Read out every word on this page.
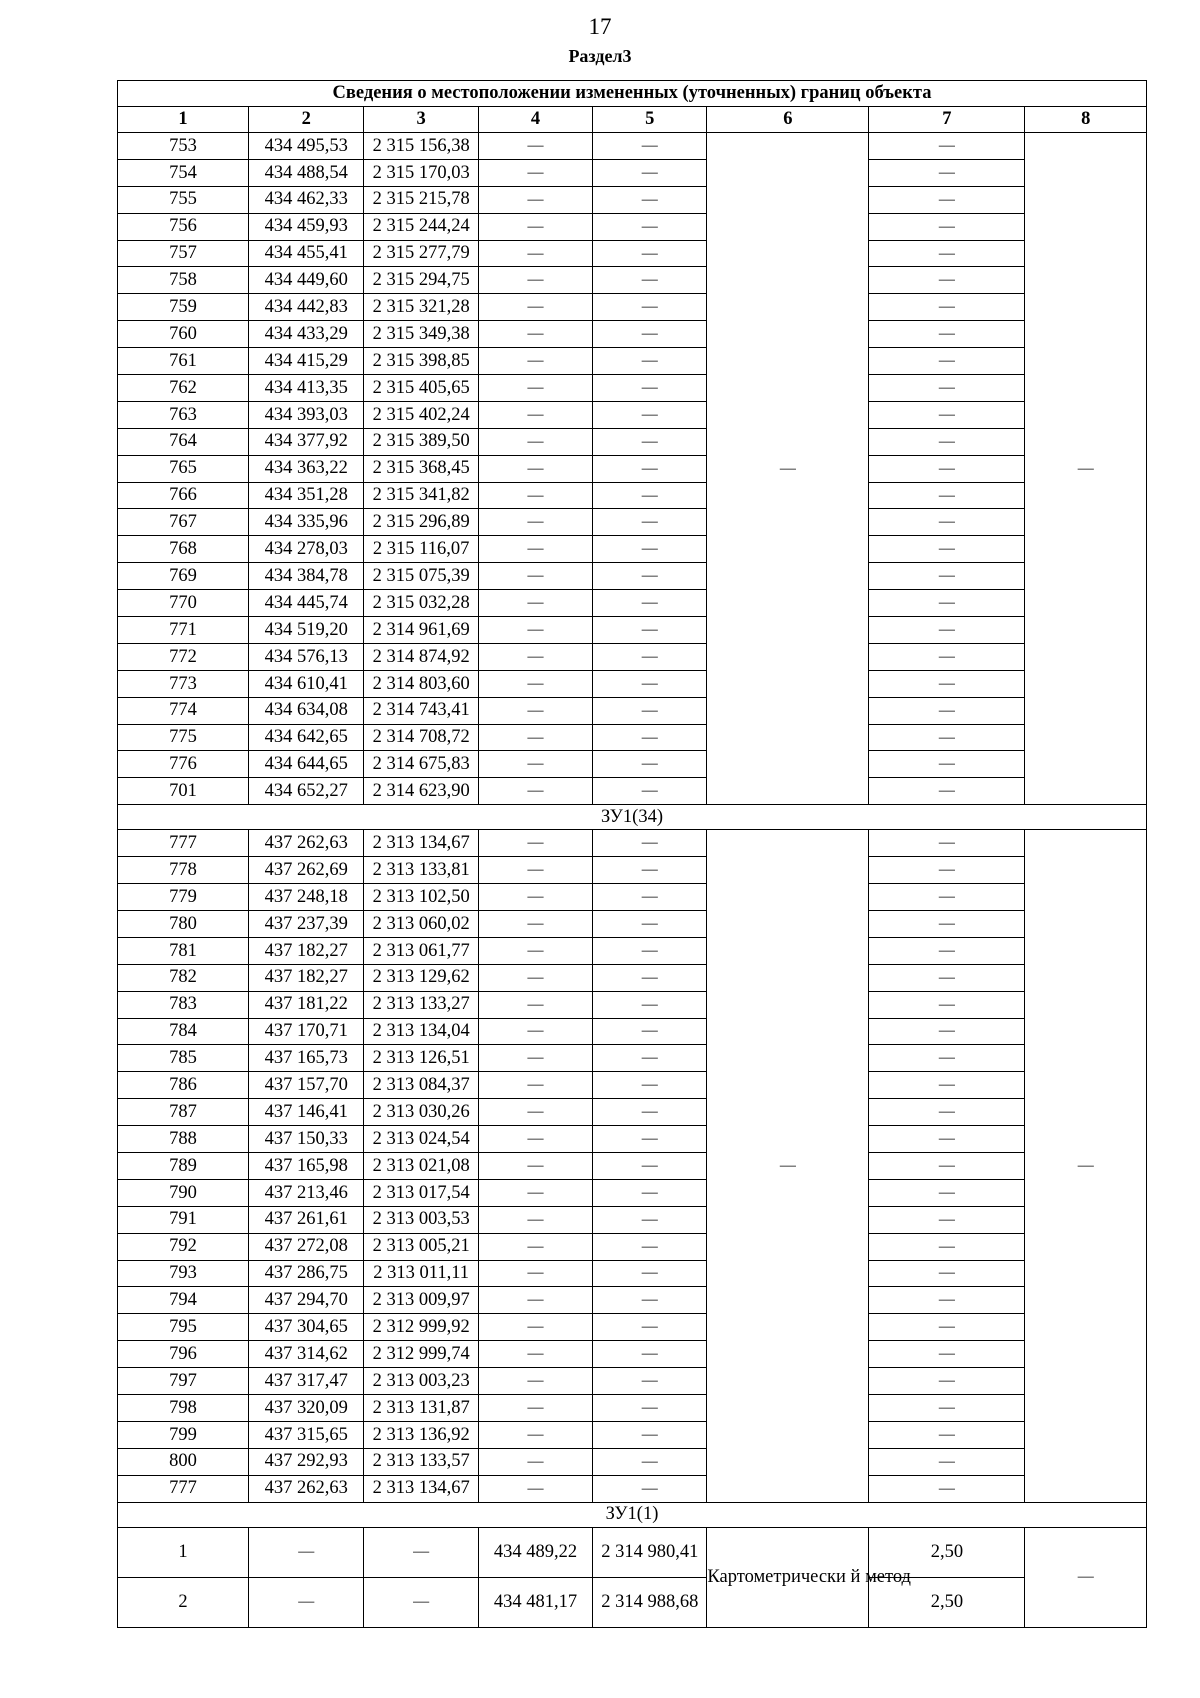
17
Раздел3
Сведения о местоположении измененных (уточненных) границ объекта							
1	2	3	4	5	6	7	8
753	434 495,53	2 315 156,38	—	—	—	—	—
754	434 488,54	2 315 170,03	—	—		—	
755	434 462,33	2 315 215,78	—	—		—	
756	434 459,93	2 315 244,24	—	—		—	
757	434 455,41	2 315 277,79	—	—		—	
758	434 449,60	2 315 294,75	—	—		—	
759	434 442,83	2 315 321,28	—	—		—	
760	434 433,29	2 315 349,38	—	—		—	
761	434 415,29	2 315 398,85	—	—		—	
762	434 413,35	2 315 405,65	—	—		—	
763	434 393,03	2 315 402,24	—	—		—	
764	434 377,92	2 315 389,50	—	—		—	
765	434 363,22	2 315 368,45	—	—		—	
766	434 351,28	2 315 341,82	—	—		—	
767	434 335,96	2 315 296,89	—	—		—	
768	434 278,03	2 315 116,07	—	—		—	
769	434 384,78	2 315 075,39	—	—		—	
770	434 445,74	2 315 032,28	—	—		—	
771	434 519,20	2 314 961,69	—	—		—	
772	434 576,13	2 314 874,92	—	—		—	
773	434 610,41	2 314 803,60	—	—		—	
774	434 634,08	2 314 743,41	—	—		—	
775	434 642,65	2 314 708,72	—	—		—	
776	434 644,65	2 314 675,83	—	—		—	
701	434 652,27	2 314 623,90	—	—		—	
ЗУ1(34)							
777	437 262,63	2 313 134,67	—	—	—	—	—
778	437 262,69	2 313 133,81	—	—		—	
779	437 248,18	2 313 102,50	—	—		—	
780	437 237,39	2 313 060,02	—	—		—	
781	437 182,27	2 313 061,77	—	—		—	
782	437 182,27	2 313 129,62	—	—		—	
783	437 181,22	2 313 133,27	—	—		—	
784	437 170,71	2 313 134,04	—	—		—	
785	437 165,73	2 313 126,51	—	—		—	
786	437 157,70	2 313 084,37	—	—		—	
787	437 146,41	2 313 030,26	—	—		—	
788	437 150,33	2 313 024,54	—	—		—	
789	437 165,98	2 313 021,08	—	—		—	
790	437 213,46	2 313 017,54	—	—		—	
791	437 261,61	2 313 003,53	—	—		—	
792	437 272,08	2 313 005,21	—	—		—	
793	437 286,75	2 313 011,11	—	—		—	
794	437 294,70	2 313 009,97	—	—		—	
795	437 304,65	2 312 999,92	—	—		—	
796	437 314,62	2 312 999,74	—	—		—	
797	437 317,47	2 313 003,23	—	—		—	
798	437 320,09	2 313 131,87	—	—		—	
799	437 315,65	2 313 136,92	—	—		—	
800	437 292,93	2 313 133,57	—	—		—	
777	437 262,63	2 313 134,67	—	—		—	
ЗУ1(1)							
1	—	—	434 489,22	2 314 980,41	Картометрически й метод	2,50	—
2	—	—	434 481,17	2 314 988,68		2,50	
